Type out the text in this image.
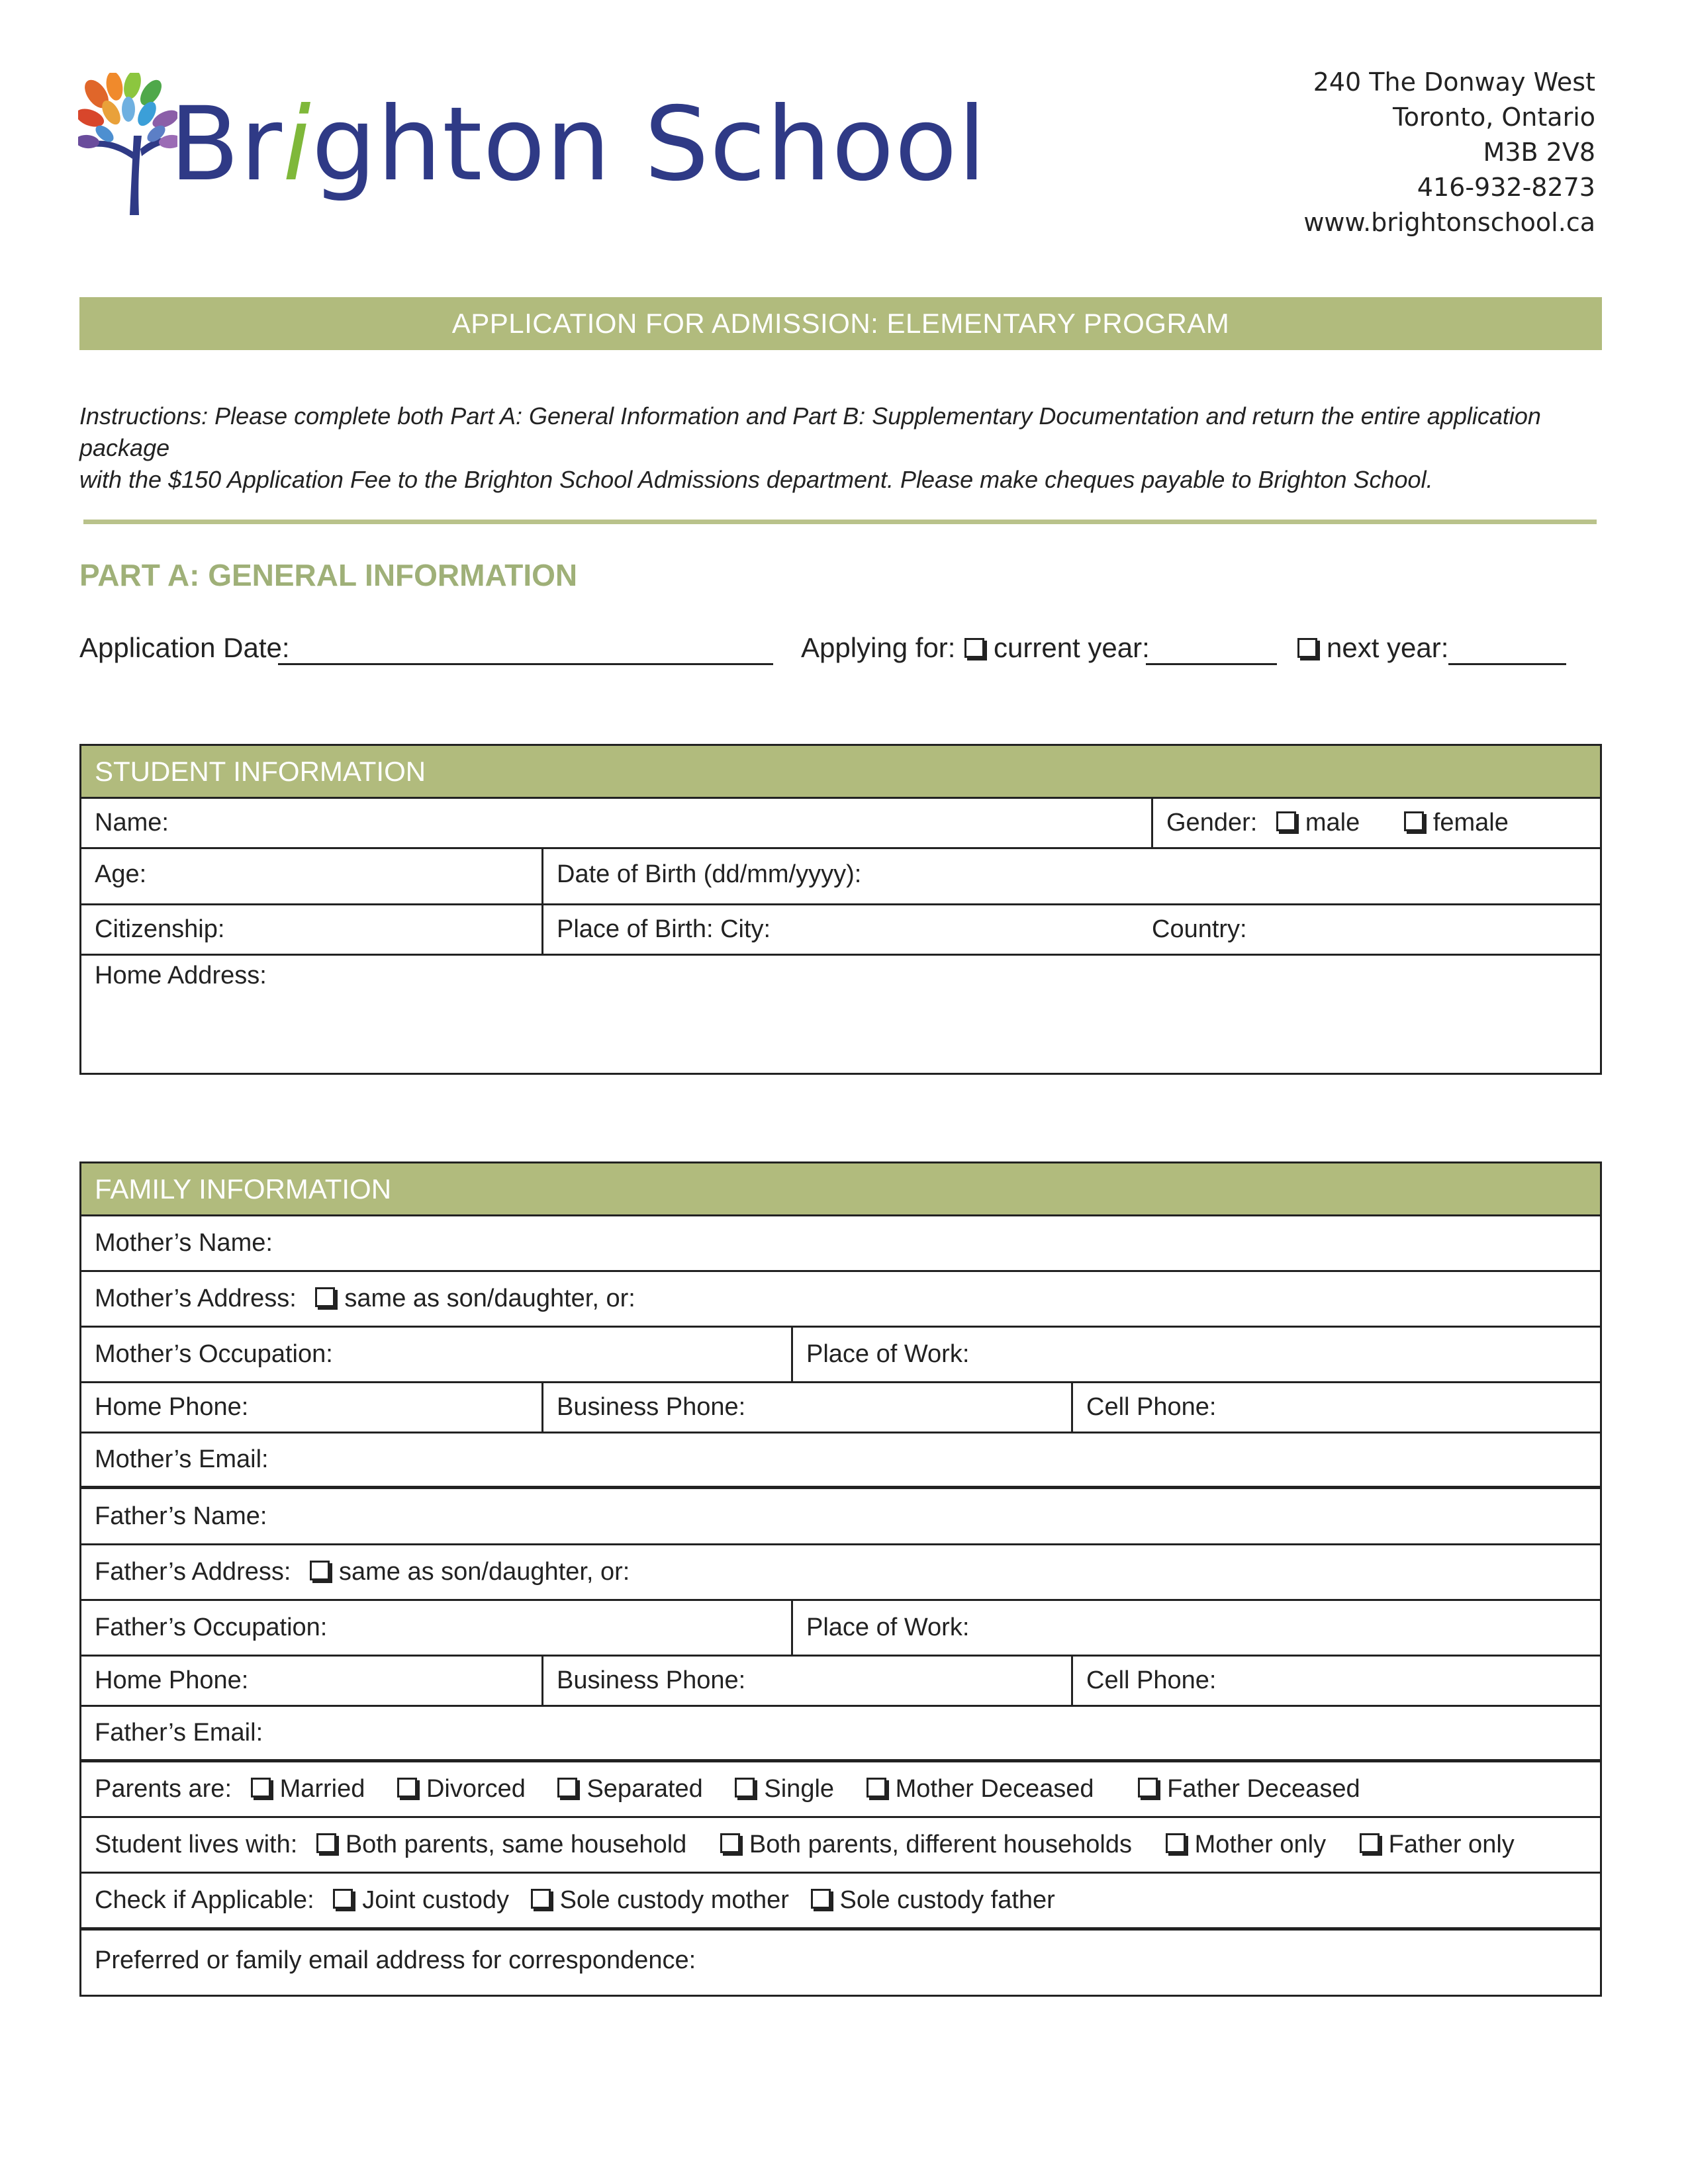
Brighton School
240 The Donway West
Toronto, Ontario
M3B 2V8
416-932-8273
www.brightonschool.ca
APPLICATION FOR ADMISSION: ELEMENTARY PROGRAM
Instructions: Please complete both Part A: General Information and Part B: Supplementary Documentation and return the entire application package
with the $150 Application Fee to the Brighton School Admissions department. Please make cheques payable to Brighton School.
PART A: GENERAL INFORMATION
Application Date:	Applying for:	current year:	next year:
STUDENT INFORMATION
Name:	Gender: male	female
Age:	Date of Birth (dd/mm/yyyy):
Citizenship:	Place of Birth: City:	Country:
Home Address:
FAMILY INFORMATION
Mother’s Name:
Mother’s Address: same as son/daughter, or:
Mother’s Occupation:	Place of Work:
Home Phone:	Business Phone:	Cell Phone:
Mother’s Email:
Father’s Name:
Father’s Address: same as son/daughter, or:
Father’s Occupation:	Place of Work:
Home Phone:	Business Phone:	Cell Phone:
Father’s Email:
Parents are: Married Divorced Separated Single Mother Deceased	Father Deceased
Student lives with: Both parents, same household Both parents, different households Mother only Father only
Check if Applicable: Joint custody Sole custody mother Sole custody father
Preferred or family email address for correspondence:
